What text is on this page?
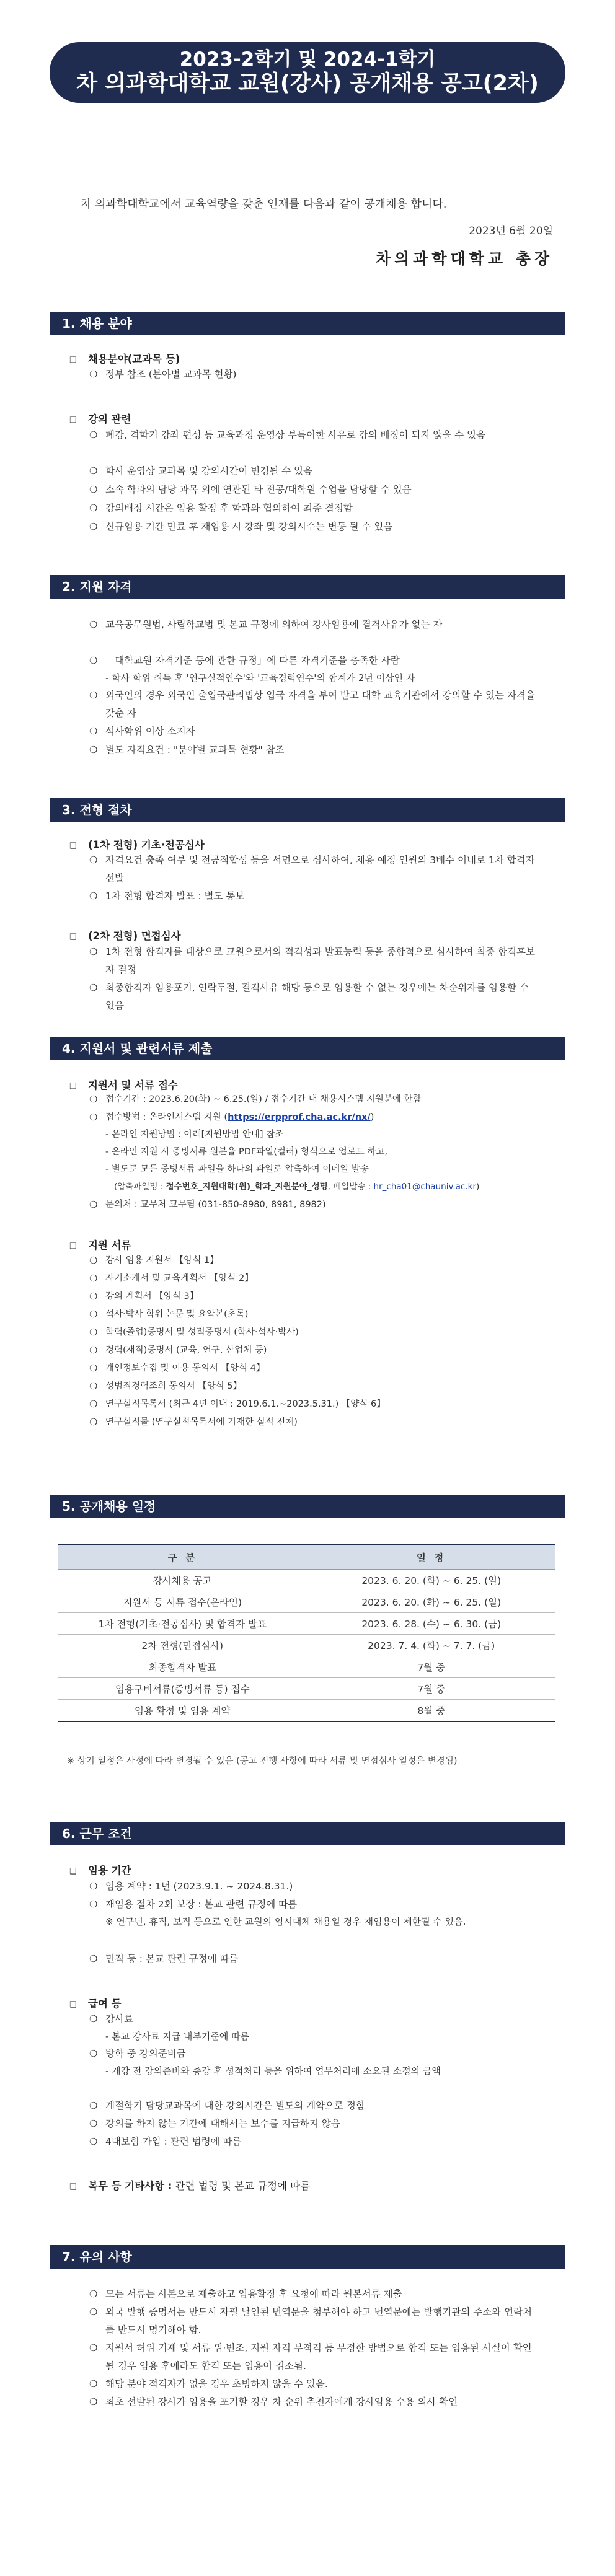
2023-2학기 및 2024-1학기
차 의과학대학교 교원(강사) 공개채용 공고(2차)
차 의과학대학교에서 교육역량을 갖춘 인재를 다음과 같이 공개채용 합니다.
2023년 6월 20일
차의과학대학교 총장
1. 채용 분야
❑ 채용분야(교과목 등)
❍ 정부 참조 (분야별 교과목 현황)
❑ 강의 관련
❍ 폐강, 격학기 강좌 편성 등 교육과정 운영상 부득이한 사유로 강의 배정이 되지 않을 수 있음
❍ 학사 운영상 교과목 및 강의시간이 변경될 수 있음
❍ 소속 학과의 담당 과목 외에 연관된 타 전공/대학원 수업을 담당할 수 있음
❍ 강의배정 시간은 임용 확정 후 학과와 협의하여 최종 결정함
❍ 신규임용 기간 만료 후 재임용 시 강좌 및 강의시수는 변동 될 수 있음
2. 지원 자격
❍ 교육공무원법, 사립학교법 및 본교 규정에 의하여 강사임용에 결격사유가 없는 자
❍ 「대학교원 자격기준 등에 관한 규정」에 따른 자격기준을 충족한 사람
- 학사 학위 취득 후 '연구실적연수'와 '교육경력연수'의 합계가 2년 이상인 자
❍ 외국인의 경우 외국인 출입국관리법상 입국 자격을 부여 받고 대학 교육기관에서 강의할 수 있는 자격을 갖춘 자
❍ 석사학위 이상 소지자
❍ 별도 자격요건 : "분야별 교과목 현황" 참조
3. 전형 절차
❑ (1차 전형) 기초·전공심사
❍ 자격요건 충족 여부 및 전공적합성 등을 서면으로 심사하여, 채용 예정 인원의 3배수 이내로 1차 합격자 선발
❍ 1차 전형 합격자 발표 : 별도 통보
❑ (2차 전형) 면접심사
❍ 1차 전형 합격자를 대상으로 교원으로서의 적격성과 발표능력 등을 종합적으로 심사하여 최종 합격후보자 결정
❍ 최종합격자 임용포기, 연락두절, 결격사유 해당 등으로 임용할 수 없는 경우에는 차순위자를 임용할 수 있음
4. 지원서 및 관련서류 제출
❑ 지원서 및 서류 접수
❍ 접수기간 : 2023.6.20(화) ~ 6.25.(일) / 접수기간 내 채용시스템 지원분에 한함
❍ 접수방법 : 온라인시스템 지원 (https://erpprof.cha.ac.kr/nx/)
- 온라인 지원방법 : 아래[지원방법 안내] 참조
- 온라인 지원 시 증빙서류 원본을 PDF파일(컬러) 형식으로 업로드 하고,
- 별도로 모든 증빙서류 파일을 하나의 파일로 압축하여 이메일 발송
(압축파일명 : 접수번호_지원대학(원)_학과_지원분야_성명, 메일발송 : hr_cha01@chauniv.ac.kr)
❍ 문의처 : 교무처 교무팀 (031-850-8980, 8981, 8982)
❑ 지원 서류
❍ 강사 임용 지원서 【양식 1】
❍ 자기소개서 및 교육계획서 【양식 2】
❍ 강의 계획서 【양식 3】
❍ 석사·박사 학위 논문 및 요약본(초록)
❍ 학력(졸업)증명서 및 성적증명서 (학사·석사·박사)
❍ 경력(재직)증명서 (교육, 연구, 산업체 등)
❍ 개인정보수집 및 이용 동의서 【양식 4】
❍ 성범죄경력조회 동의서 【양식 5】
❍ 연구실적목록서 (최근 4년 이내 : 2019.6.1.~2023.5.31.) 【양식 6】
❍ 연구실적물 (연구실적목록서에 기재한 실적 전체)
5. 공개채용 일정
구 분	일 정
강사채용 공고	2023. 6. 20. (화) ~ 6. 25. (일)
지원서 등 서류 접수(온라인)	2023. 6. 20. (화) ~ 6. 25. (일)
1차 전형(기초·전공심사) 및 합격자 발표	2023. 6. 28. (수) ~ 6. 30. (금)
2차 전형(면접심사)	2023. 7. 4. (화) ~ 7. 7. (금)
최종합격자 발표	7월 중
임용구비서류(증빙서류 등) 접수	7월 중
임용 확정 및 임용 계약	8월 중
※ 상기 일정은 사정에 따라 변경될 수 있음 (공고 진행 사항에 따라 서류 및 면접심사 일정은 변경됨)
6. 근무 조건
❑ 임용 기간
❍ 임용 계약 : 1년 (2023.9.1. ~ 2024.8.31.)
❍ 재임용 절차 2회 보장 : 본교 관련 규정에 따름
※ 연구년, 휴직, 보직 등으로 인한 교원의 임시대체 채용일 경우 재임용이 제한될 수 있음.
❍ 면직 등 : 본교 관련 규정에 따름
❑ 급여 등
❍ 강사료
- 본교 강사료 지급 내부기준에 따름
❍ 방학 중 강의준비금
- 개강 전 강의준비와 종강 후 성적처리 등을 위하여 업무처리에 소요된 소정의 금액
❍ 계절학기 담당교과목에 대한 강의시간은 별도의 계약으로 정함
❍ 강의를 하지 않는 기간에 대해서는 보수를 지급하지 않음
❍ 4대보험 가입 : 관련 법령에 따름
❑ 복무 등 기타사항 : 관련 법령 및 본교 규정에 따름
7. 유의 사항
❍ 모든 서류는 사본으로 제출하고 임용확정 후 요청에 따라 원본서류 제출
❍ 외국 발행 증명서는 반드시 자필 날인된 번역문을 첨부해야 하고 번역문에는 발행기관의 주소와 연락처를 반드시 명기해야 함.
❍ 지원서 허위 기재 및 서류 위·변조, 지원 자격 부적격 등 부정한 방법으로 합격 또는 임용된 사실이 확인될 경우 임용 후에라도 합격 또는 임용이 취소됨.
❍ 해당 분야 적격자가 없을 경우 초빙하지 않을 수 있음.
❍ 최초 선발된 강사가 임용을 포기할 경우 차 순위 추천자에게 강사임용 수용 의사 확인
